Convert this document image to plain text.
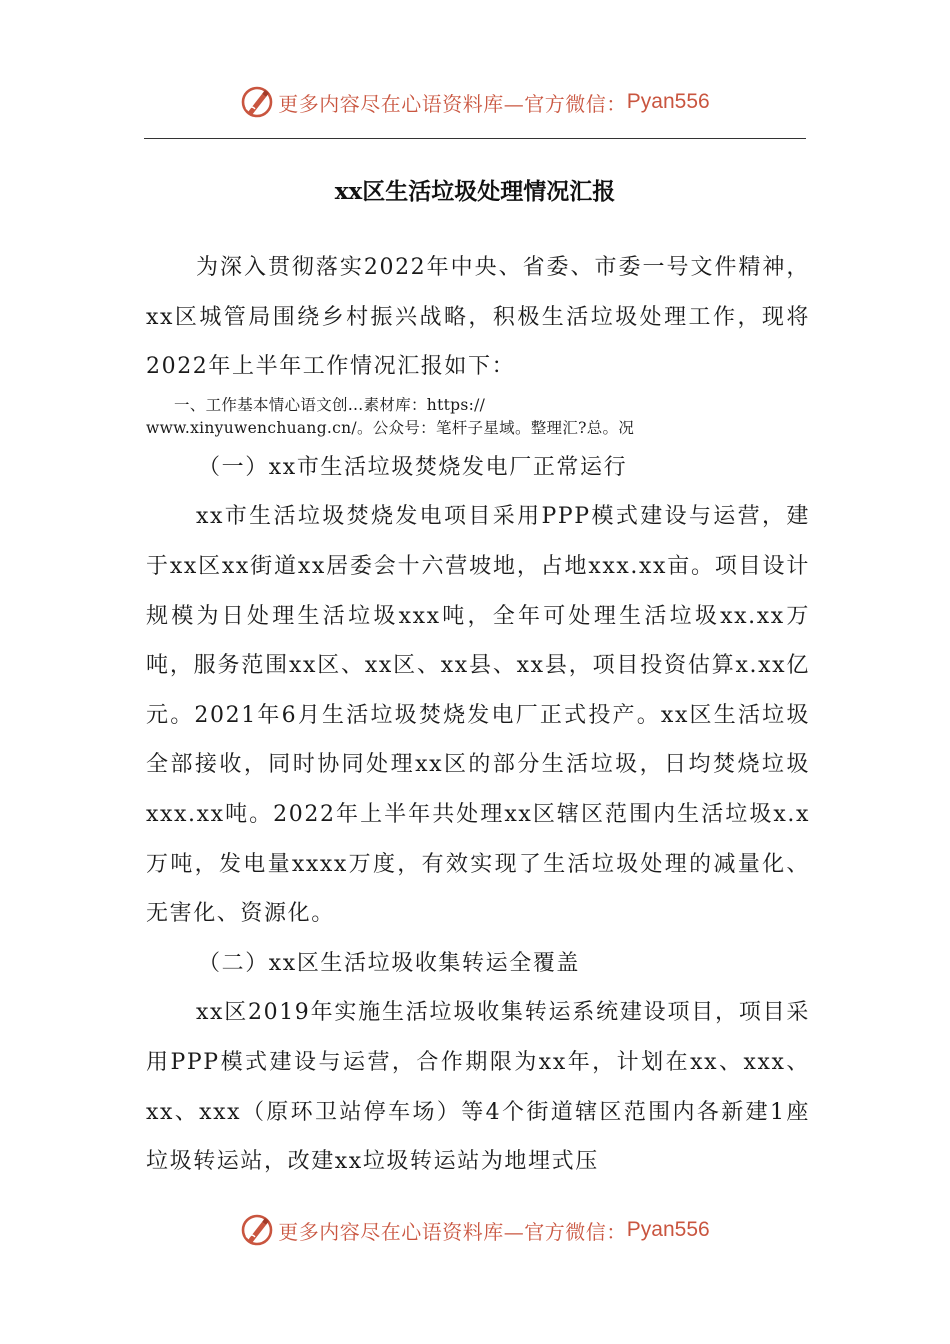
更多内容尽在心语资料库—官方微信： Pyan556
xx区生活垃圾处理情况汇报

为深入贯彻落实2022年中央、省委、市委一号文件精神，xx区城管局围绕乡村振兴战略，积极生活垃圾处理工作，现将2022年上半年工作情况汇报如下：

一、工作基本情心语文创…素材库：https://
www.xinyuwenchuang.cn/。公众号：笔杆子星域。整理汇?总。况

（一）xx市生活垃圾焚烧发电厂正常运行

xx市生活垃圾焚烧发电项目采用PPP模式建设与运营，建于xx区xx街道xx居委会十六营坡地，占地xxx.xx亩。项目设计规模为日处理生活垃圾xxx吨，全年可处理生活垃圾xx.xx万吨，服务范围xx区、xx区、xx县、xx县，项目投资估算x.xx亿元。2021年6月生活垃圾焚烧发电厂正式投产。xx区生活垃圾全部接收，同时协同处理xx区的部分生活垃圾，日均焚烧垃圾xxx.xx吨。2022年上半年共处理xx区辖区范围内生活垃圾x.x万吨，发电量xxxx万度，有效实现了生活垃圾处理的减量化、无害化、资源化。

（二）xx区生活垃圾收集转运全覆盖

xx区2019年实施生活垃圾收集转运系统建设项目，项目采用PPP模式建设与运营，合作期限为xx年，计划在xx、xxx、xx、xxx（原环卫站停车场）等4个街道辖区范围内各新建1座垃圾转运站，改建xx垃圾转运站为地埋式压

更多内容尽在心语资料库—官方微信： Pyan556
